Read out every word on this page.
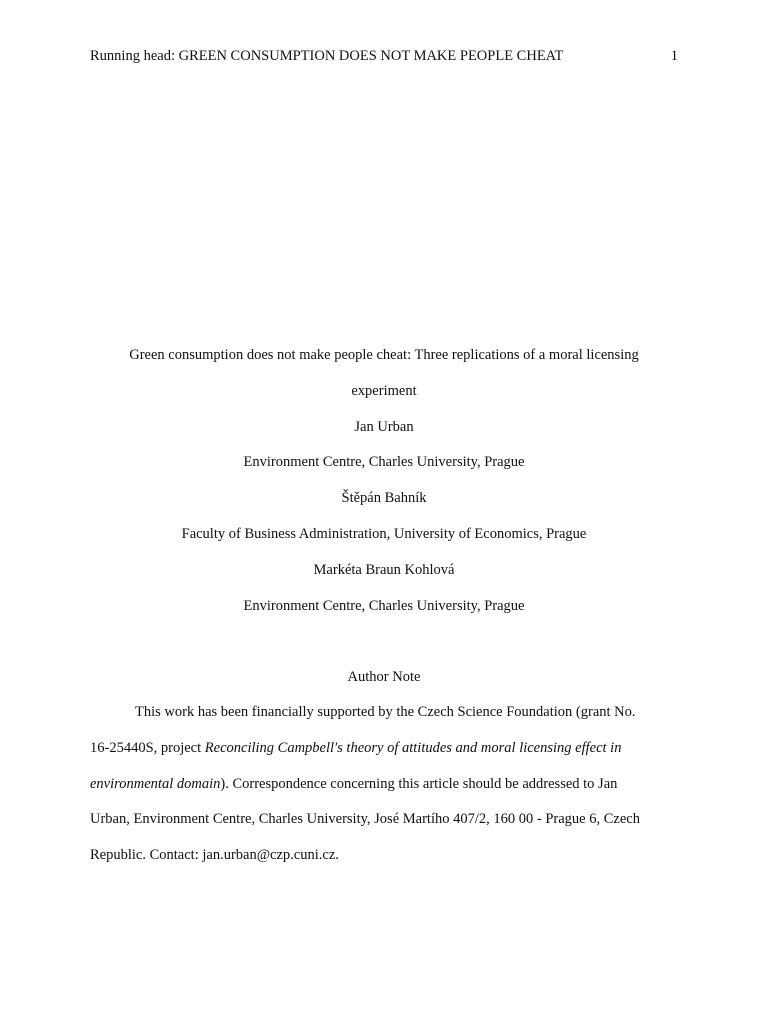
Running head: GREEN CONSUMPTION DOES NOT MAKE PEOPLE CHEAT	1
Green consumption does not make people cheat: Three replications of a moral licensing
experiment
Jan Urban
Environment Centre, Charles University, Prague
Štěpán Bahník
Faculty of Business Administration, University of Economics, Prague
Markéta Braun Kohlová
Environment Centre, Charles University, Prague
Author Note
This work has been financially supported by the Czech Science Foundation (grant No.
16-25440S, project Reconciling Campbell's theory of attitudes and moral licensing effect in
environmental domain). Correspondence concerning this article should be addressed to Jan
Urban, Environment Centre, Charles University, José Martího 407/2, 160 00 - Prague 6, Czech
Republic. Contact: jan.urban@czp.cuni.cz.
